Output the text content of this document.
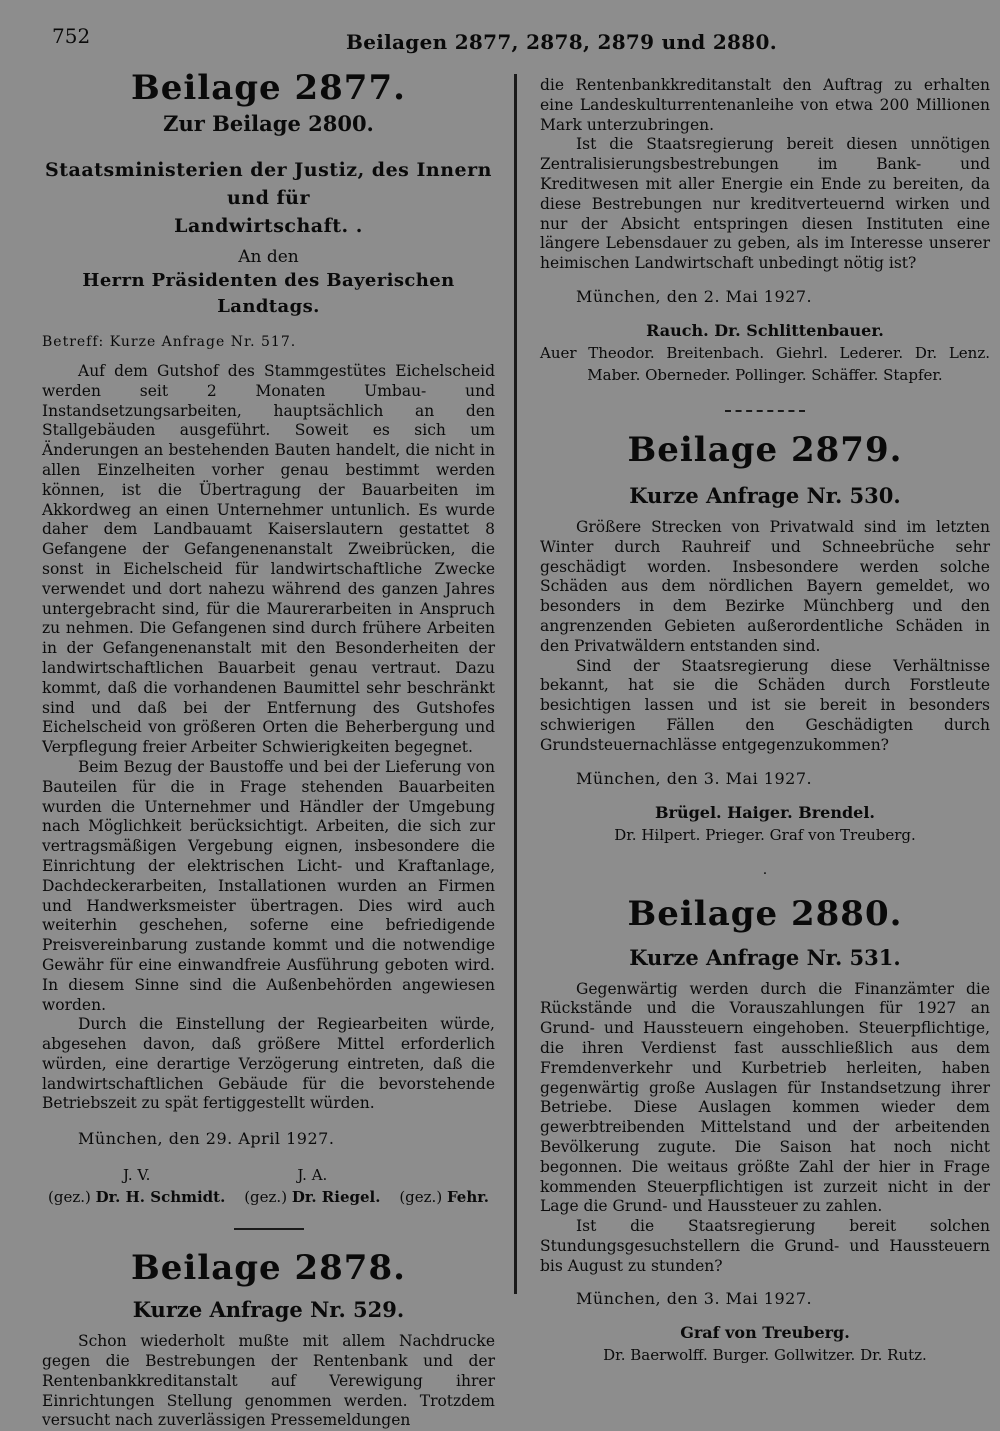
752	Beilagen 2877, 2878, 2879 und 2880.
Beilage 2877.
Zur Beilage 2800.
Staatsministerien der Justiz, des Innern und für
Landwirtschaft. .
An den
Herrn Präsidenten des Bayerischen Landtags.
Betreff: Kurze Anfrage Nr. 517.

Auf dem Gutshof des Stammgestütes Eichelscheid werden seit 2 Monaten Umbau- und Instandsetzungsarbeiten, hauptsächlich an den Stallgebäuden ausgeführt. Soweit es sich um Änderungen an bestehenden Bauten handelt, die nicht in allen Einzelheiten vorher genau bestimmt werden können, ist die Übertragung der Bauarbeiten im Akkordweg an einen Unternehmer untunlich. Es wurde daher dem Landbauamt Kaiserslautern gestattet 8 Gefangene der Gefangenenanstalt Zweibrücken, die sonst in Eichelscheid für landwirtschaftliche Zwecke verwendet und dort nahezu während des ganzen Jahres untergebracht sind, für die Maurerarbeiten in Anspruch zu nehmen. Die Gefangenen sind durch frühere Arbeiten in der Gefangenenanstalt mit den Besonderheiten der landwirtschaftlichen Bauarbeit genau vertraut. Dazu kommt, daß die vorhandenen Baumittel sehr beschränkt sind und daß bei der Entfernung des Gutshofes Eichelscheid von größeren Orten die Beherbergung und Verpflegung freier Arbeiter Schwierigkeiten begegnet.

Beim Bezug der Baustoffe und bei der Lieferung von Bauteilen für die in Frage stehenden Bauarbeiten wurden die Unternehmer und Händler der Umgebung nach Möglichkeit berücksichtigt. Arbeiten, die sich zur vertragsmäßigen Vergebung eignen, insbesondere die Einrichtung der elektrischen Licht- und Kraftanlage, Dachdeckerarbeiten, Installationen wurden an Firmen und Handwerksmeister übertragen. Dies wird auch weiterhin geschehen, soferne eine befriedigende Preisvereinbarung zustande kommt und die notwendige Gewähr für eine einwandfreie Ausführung geboten wird. In diesem Sinne sind die Außenbehörden angewiesen worden.

Durch die Einstellung der Regiearbeiten würde, abgesehen davon, daß größere Mittel erforderlich würden, eine derartige Verzögerung eintreten, daß die landwirtschaftlichen Gebäude für die bevorstehende Betriebszeit zu spät fertiggestellt würden.

München, den 29. April 1927.
J. V.
(gez.) Dr. H. Schmidt.
J. A.
(gez.) Dr. Riegel.
(gez.) Fehr.
Beilage 2878.
Kurze Anfrage Nr. 529.

Schon wiederholt mußte mit allem Nachdrucke gegen die Bestrebungen der Rentenbank und der Rentenbankkreditanstalt auf Verewigung ihrer Einrichtungen Stellung genommen werden. Trotzdem versucht nach zuverlässigen Pressemeldungen

die Rentenbankkreditanstalt den Auftrag zu erhalten eine Landeskulturrentenanleihe von etwa 200 Millionen Mark unterzubringen.

Ist die Staatsregierung bereit diesen unnötigen Zentralisierungsbestrebungen im Bank- und Kreditwesen mit aller Energie ein Ende zu bereiten, da diese Bestrebungen nur kreditverteuernd wirken und nur der Absicht entspringen diesen Instituten eine längere Lebensdauer zu geben, als im Interesse unserer heimischen Landwirtschaft unbedingt nötig ist?

München, den 2. Mai 1927.
Rauch. Dr. Schlittenbauer.
Auer Theodor. Breitenbach. Giehrl. Lederer. Dr. Lenz.
Maber. Oberneder. Pollinger. Schäffer. Stapfer.
Beilage 2879.
Kurze Anfrage Nr. 530.

Größere Strecken von Privatwald sind im letzten Winter durch Rauhreif und Schneebrüche sehr geschädigt worden. Insbesondere werden solche Schäden aus dem nördlichen Bayern gemeldet, wo besonders in dem Bezirke Münchberg und den angrenzenden Gebieten außerordentliche Schäden in den Privatwäldern entstanden sind.

Sind der Staatsregierung diese Verhältnisse bekannt, hat sie die Schäden durch Forstleute besichtigen lassen und ist sie bereit in besonders schwierigen Fällen den Geschädigten durch Grundsteuernachlässe entgegenzukommen?

München, den 3. Mai 1927.
Brügel. Haiger. Brendel.
Dr. Hilpert. Prieger. Graf von Treuberg.
.
Beilage 2880.
Kurze Anfrage Nr. 531.

Gegenwärtig werden durch die Finanzämter die Rückstände und die Vorauszahlungen für 1927 an Grund- und Haussteuern eingehoben. Steuerpflichtige, die ihren Verdienst fast ausschließlich aus dem Fremdenverkehr und Kurbetrieb herleiten, haben gegenwärtig große Auslagen für Instandsetzung ihrer Betriebe. Diese Auslagen kommen wieder dem gewerbtreibenden Mittelstand und der arbeitenden Bevölkerung zugute. Die Saison hat noch nicht begonnen. Die weitaus größte Zahl der hier in Frage kommenden Steuerpflichtigen ist zurzeit nicht in der Lage die Grund- und Haussteuer zu zahlen.

Ist die Staatsregierung bereit solchen Stundungsgesuchstellern die Grund- und Haussteuern bis August zu stunden?

München, den 3. Mai 1927.
Graf von Treuberg.
Dr. Baerwolff. Burger. Gollwitzer. Dr. Rutz.
